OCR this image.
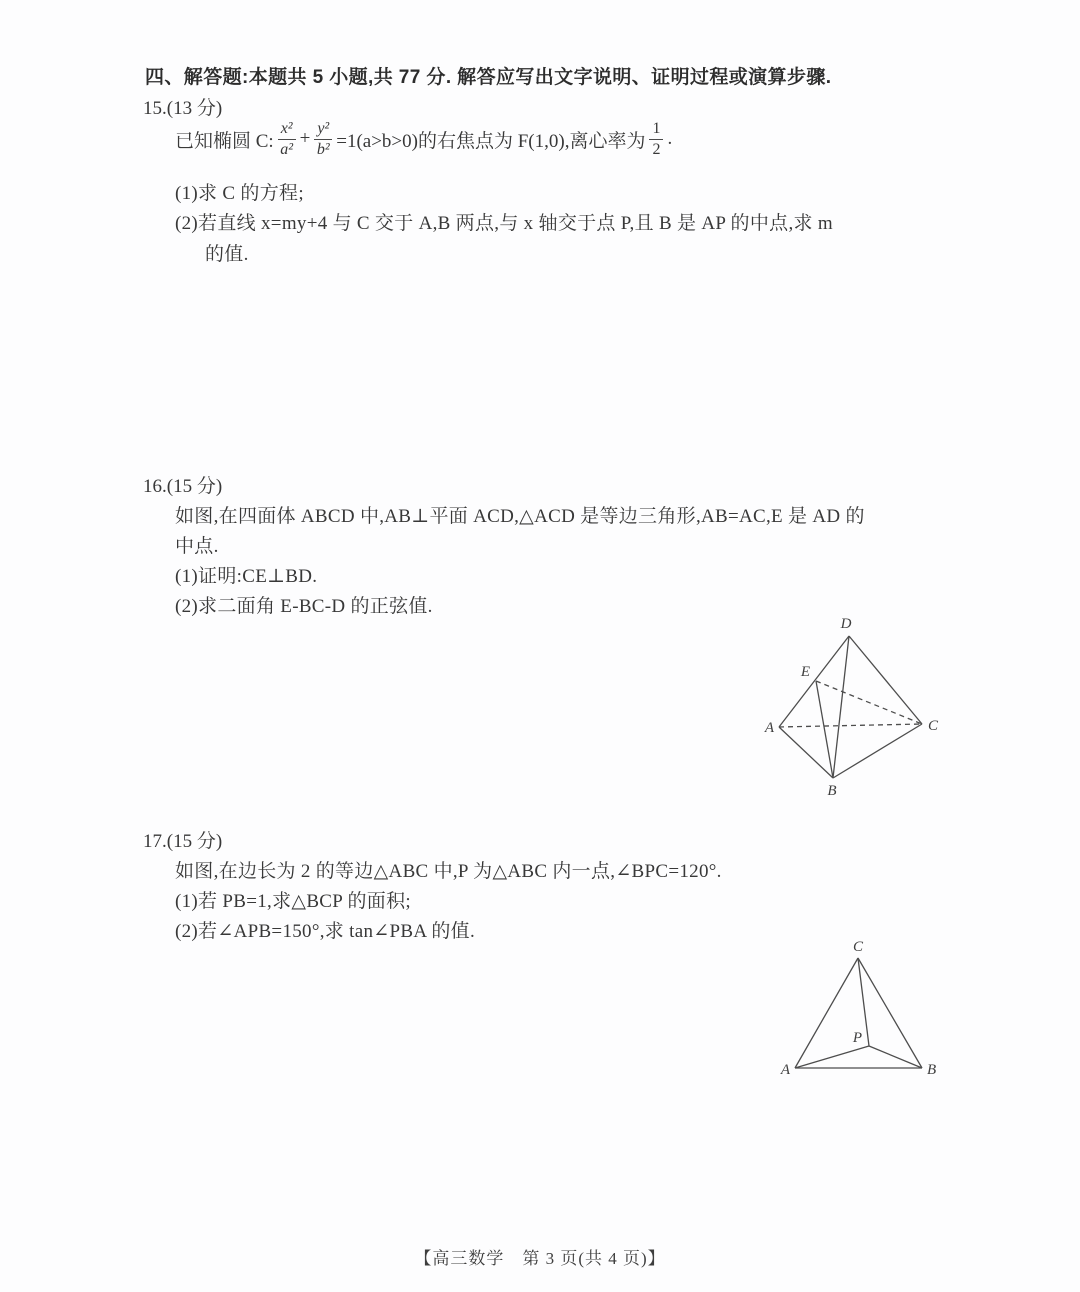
四、解答题:本题共 5 小题,共 77 分. 解答应写出文字说明、证明过程或演算步骤.
15.(13 分)
已知椭圆 C: $\frac{\text{x²}}{\text{a²}} + \frac{\text{y²}}{\text{b²}} =1(a>b>0)$的右焦点为 F(1,0),离心率为 $\frac{1}{2}$ .
(1)求 C 的方程;
(2)若直线 x=my+4 与 C 交于 A,B 两点,与 x 轴交于点 P,且 B 是 AP 的中点,求 m
的值.
16.(15 分)
如图,在四面体 ABCD 中,AB⊥平面 ACD,△ACD 是等边三角形,AB=AC,E 是 AD 的
中点.
(1)证明:CE⊥BD.
(2)求二面角 E-BC-D 的正弦值.
D
E
A	C
B
17.(15 分)
如图,在边长为 2 的等边△ABC 中,P 为△ABC 内一点,∠BPC=120°.
(1)若 PB=1,求△BCP 的面积;
(2)若∠APB=150°,求 tan∠PBA 的值.
C
A	B
P
【高三数学　第 3 页(共 4 页)】
